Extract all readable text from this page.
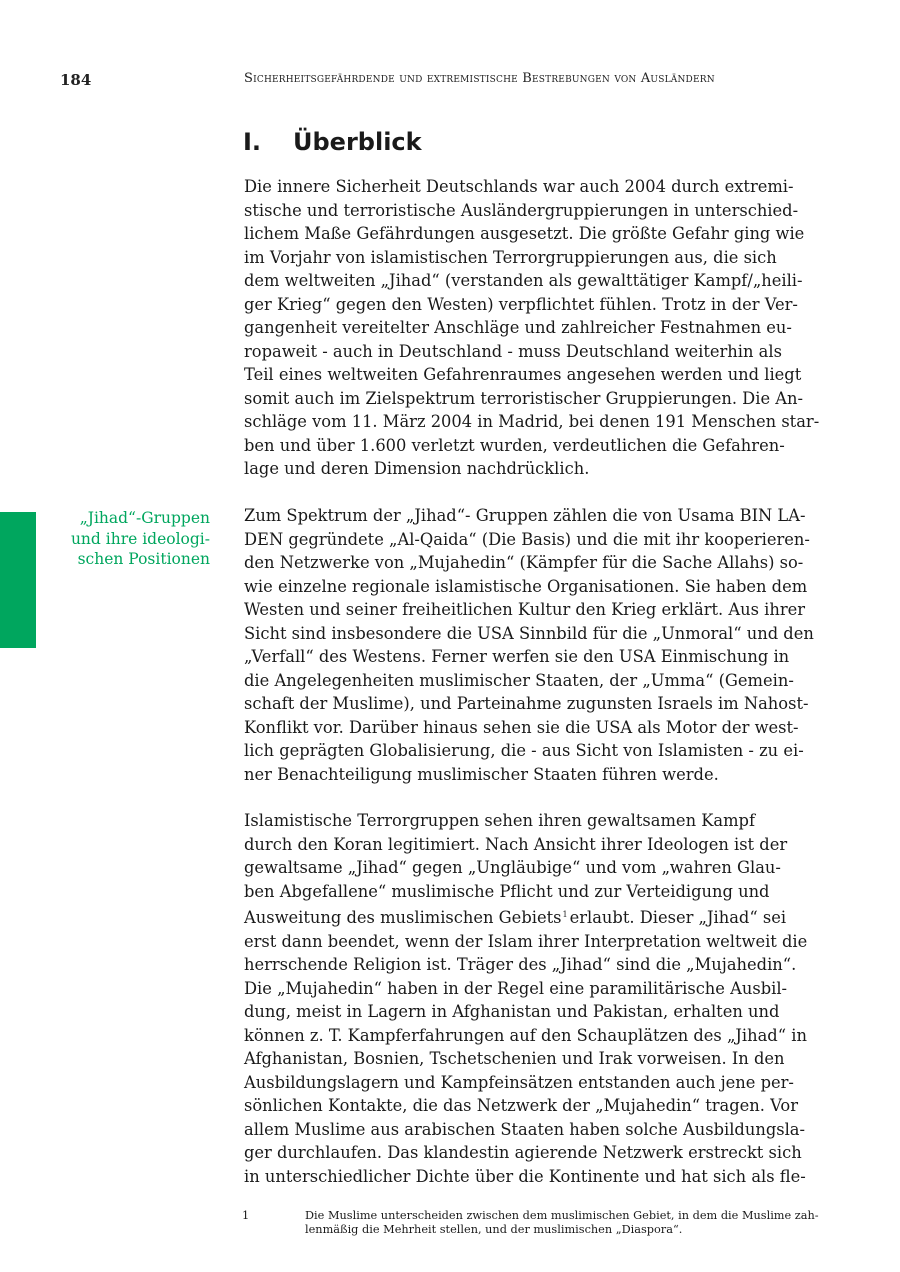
184	Sicherheitsgefährdende und extremistische Bestrebungen von Ausländern
I. Überblick
„Jihad“-Gruppen
und ihre ideologi-
schen Positionen

Die innere Sicherheit Deutschlands war auch 2004 durch extremi-
stische und terroristische Ausländergruppierungen in unterschied-
lichem Maße Gefährdungen ausgesetzt. Die größte Gefahr ging wie
im Vorjahr von islamistischen Terrorgruppierungen aus, die sich
dem weltweiten „Jihad“ (verstanden als gewalttätiger Kampf/„heili-
ger Krieg“ gegen den Westen) verpflichtet fühlen. Trotz in der Ver-
gangenheit vereitelter Anschläge und zahlreicher Festnahmen eu-
ropaweit - auch in Deutschland - muss Deutschland weiterhin als
Teil eines weltweiten Gefahrenraumes angesehen werden und liegt
somit auch im Zielspektrum terroristischer Gruppierungen. Die An-
schläge vom 11. März 2004 in Madrid, bei denen 191 Menschen star-
ben und über 1.600 verletzt wurden, verdeutlichen die Gefahren-
lage und deren Dimension nachdrücklich.

Zum Spektrum der „Jihad“- Gruppen zählen die von Usama BIN LA-
DEN gegründete „Al-Qaida“ (Die Basis) und die mit ihr kooperieren-
den Netzwerke von „Mujahedin“ (Kämpfer für die Sache Allahs) so-
wie einzelne regionale islamistische Organisationen. Sie haben dem
Westen und seiner freiheitlichen Kultur den Krieg erklärt. Aus ihrer
Sicht sind insbesondere die USA Sinnbild für die „Unmoral“ und den
„Verfall“ des Westens. Ferner werfen sie den USA Einmischung in
die Angelegenheiten muslimischer Staaten, der „Umma“ (Gemein-
schaft der Muslime), und Parteinahme zugunsten Israels im Nahost-
Konflikt vor. Darüber hinaus sehen sie die USA als Motor der west-
lich geprägten Globalisierung, die - aus Sicht von Islamisten - zu ei-
ner Benachteiligung muslimischer Staaten führen werde.

Islamistische Terrorgruppen sehen ihren gewaltsamen Kampf
durch den Koran legitimiert. Nach Ansicht ihrer Ideologen ist der
gewaltsame „Jihad“ gegen „Ungläubige“ und vom „wahren Glau-
ben Abgefallene“ muslimische Pflicht und zur Verteidigung und
Ausweitung des muslimischen Gebiets$^1$ erlaubt. Dieser „Jihad“ sei
erst dann beendet, wenn der Islam ihrer Interpretation weltweit die
herrschende Religion ist. Träger des „Jihad“ sind die „Mujahedin“.
Die „Mujahedin“ haben in der Regel eine paramilitärische Ausbil-
dung, meist in Lagern in Afghanistan und Pakistan, erhalten und
können z. T. Kampferfahrungen auf den Schauplätzen des „Jihad“ in
Afghanistan, Bosnien, Tschetschenien und Irak vorweisen. In den
Ausbildungslagern und Kampfeinsätzen entstanden auch jene per-
sönlichen Kontakte, die das Netzwerk der „Mujahedin“ tragen. Vor
allem Muslime aus arabischen Staaten haben solche Ausbildungsla-
ger durchlaufen. Das klandestin agierende Netzwerk erstreckt sich
in unterschiedlicher Dichte über die Kontinente und hat sich als fle-

1	Die Muslime unterscheiden zwischen dem muslimischen Gebiet, in dem die Muslime zah-
lenmäßig die Mehrheit stellen, und der muslimischen „Diaspora“.
